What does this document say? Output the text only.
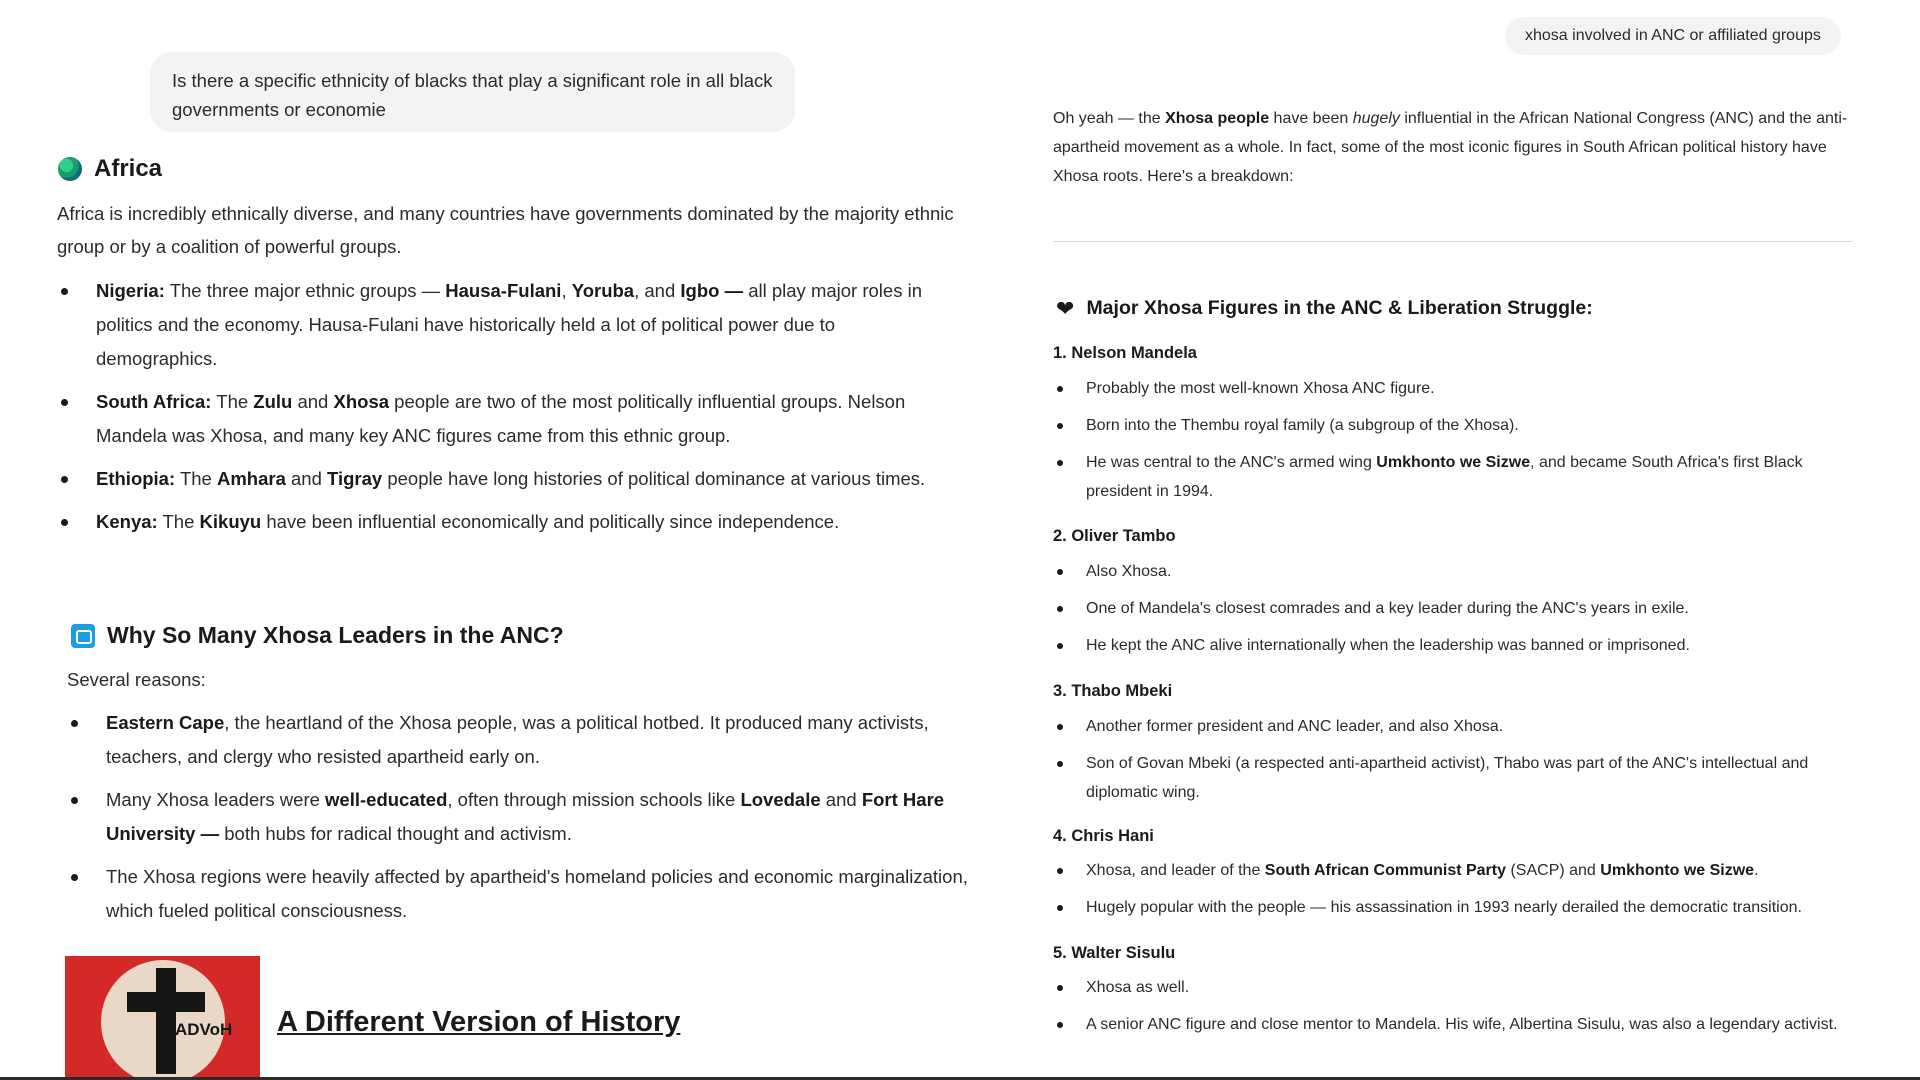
Is there a specific ethnicity of blacks that play a significant role in all black governments or economie
Africa
Africa is incredibly ethnically diverse, and many countries have governments dominated by the majority ethnic group or by a coalition of powerful groups.
Nigeria: The three major ethnic groups — Hausa-Fulani, Yoruba, and Igbo — all play major roles in politics and the economy. Hausa-Fulani have historically held a lot of political power due to demographics.
South Africa: The Zulu and Xhosa people are two of the most politically influential groups. Nelson Mandela was Xhosa, and many key ANC figures came from this ethnic group.
Ethiopia: The Amhara and Tigray people have long histories of political dominance at various times.
Kenya: The Kikuyu have been influential economically and politically since independence.
Why So Many Xhosa Leaders in the ANC?
Several reasons:
Eastern Cape, the heartland of the Xhosa people, was a political hotbed. It produced many activists, teachers, and clergy who resisted apartheid early on.
Many Xhosa leaders were well-educated, often through mission schools like Lovedale and Fort Hare University — both hubs for radical thought and activism.
The Xhosa regions were heavily affected by apartheid's homeland policies and economic marginalization, which fueled political consciousness.
ADVoH A Different Version of History
xhosa involved in ANC or affiliated groups
Oh yeah — the Xhosa people have been hugely influential in the African National Congress (ANC) and the anti-apartheid movement as a whole. In fact, some of the most iconic figures in South African political history have Xhosa roots. Here's a breakdown:
❤ Major Xhosa Figures in the ANC & Liberation Struggle:
1. Nelson Mandela
Probably the most well-known Xhosa ANC figure.
Born into the Thembu royal family (a subgroup of the Xhosa).
He was central to the ANC's armed wing Umkhonto we Sizwe, and became South Africa's first Black president in 1994.
2. Oliver Tambo
Also Xhosa.
One of Mandela's closest comrades and a key leader during the ANC's years in exile.
He kept the ANC alive internationally when the leadership was banned or imprisoned.
3. Thabo Mbeki
Another former president and ANC leader, and also Xhosa.
Son of Govan Mbeki (a respected anti-apartheid activist), Thabo was part of the ANC's intellectual and diplomatic wing.
4. Chris Hani
Xhosa, and leader of the South African Communist Party (SACP) and Umkhonto we Sizwe.
Hugely popular with the people — his assassination in 1993 nearly derailed the democratic transition.
5. Walter Sisulu
Xhosa as well.
A senior ANC figure and close mentor to Mandela. His wife, Albertina Sisulu, was also a legendary activist.
